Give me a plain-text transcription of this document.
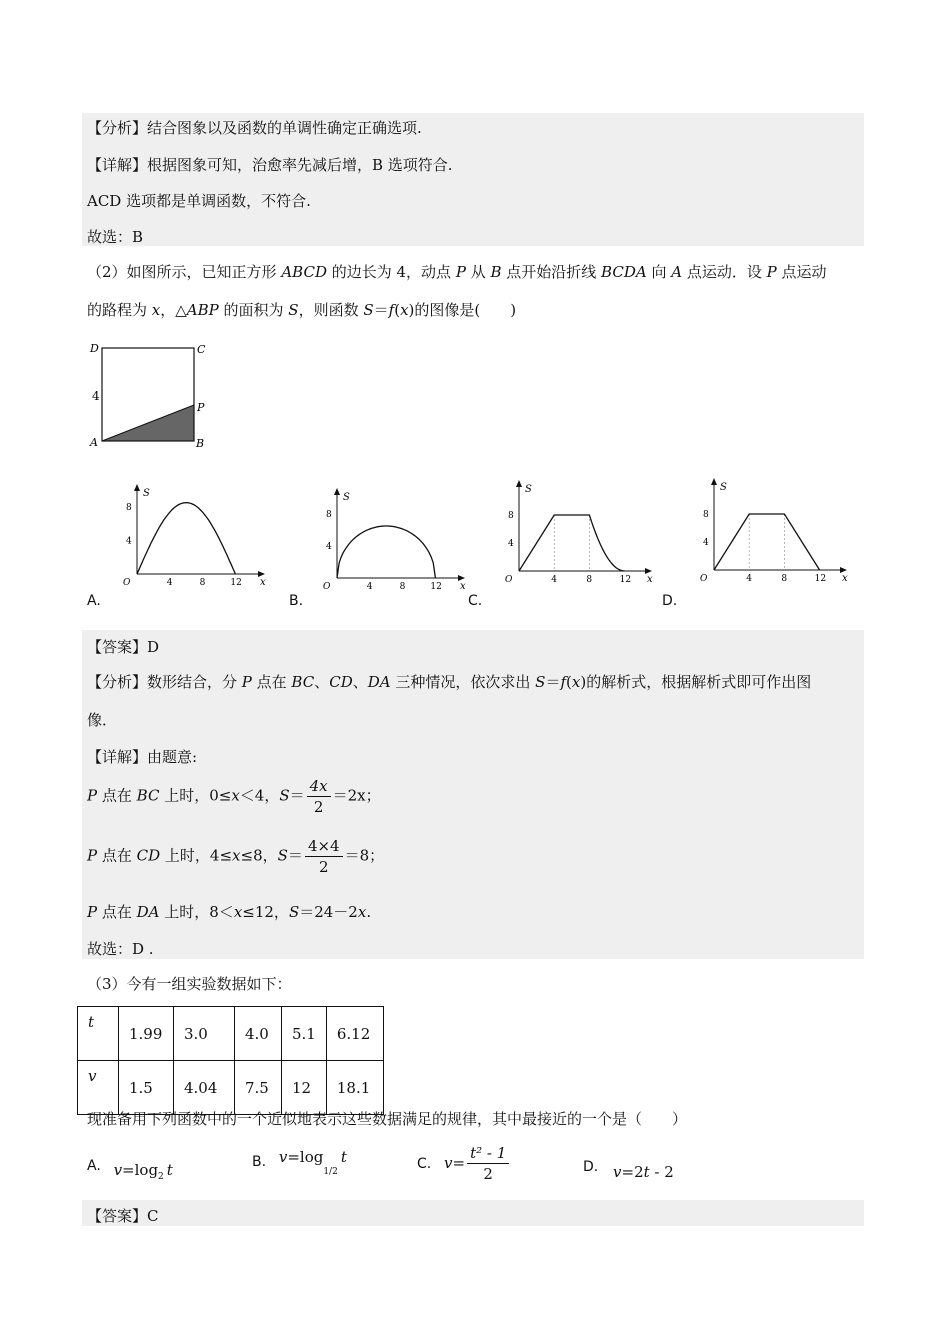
【分析】结合图象以及函数的单调性确定正确选项.
【详解】根据图象可知，治愈率先减后增，B 选项符合.
ACD 选项都是单调函数，不符合.
故选：B
（2）如图所示，已知正方形 ABCD 的边长为 4，动点 P 从 B 点开始沿折线 BCDA 向 A 点运动．设 P 点运动
的路程为 x，△ABP 的面积为 S，则函数 S＝f(x)的图像是(　　)
D	C
A	B
P
4
S
x
O
4
8
4	8	12
S
x
O
4
8
4	8	12
S
x
O
4
8
4	8	12
S
x
O
4
8
4	8	12
A.	B.	C.	D.
【答案】D
【分析】数形结合，分 P 点在 BC、CD、DA 三种情况，依次求出 S＝f(x)的解析式，根据解析式即可作出图
像．
【详解】由题意:
P 点在 BC 上时，0≤x＜4，$S= \frac{4x}{2} =2x$；
P 点在 CD 上时，4≤x≤8，$S= \frac{4\times 4}{2} =8$；
P 点在 DA 上时，8＜x≤12，S＝24－2x.
故选：D .
（3）今有一组实验数据如下：
t	1.99	3.0	4.0	5.1	6.12
v	1.5	4.04	7.5	12	18.1
现准备用下列函数中的一个近似地表示这些数据满足的规律，其中最接近的一个是（　　）
A. $v=\log_2$ t	B. $v=\log_{1/2}t$	C. $v= \frac{\text{t² - 1}}{2}$	D. v=2t - 2
【答案】C
